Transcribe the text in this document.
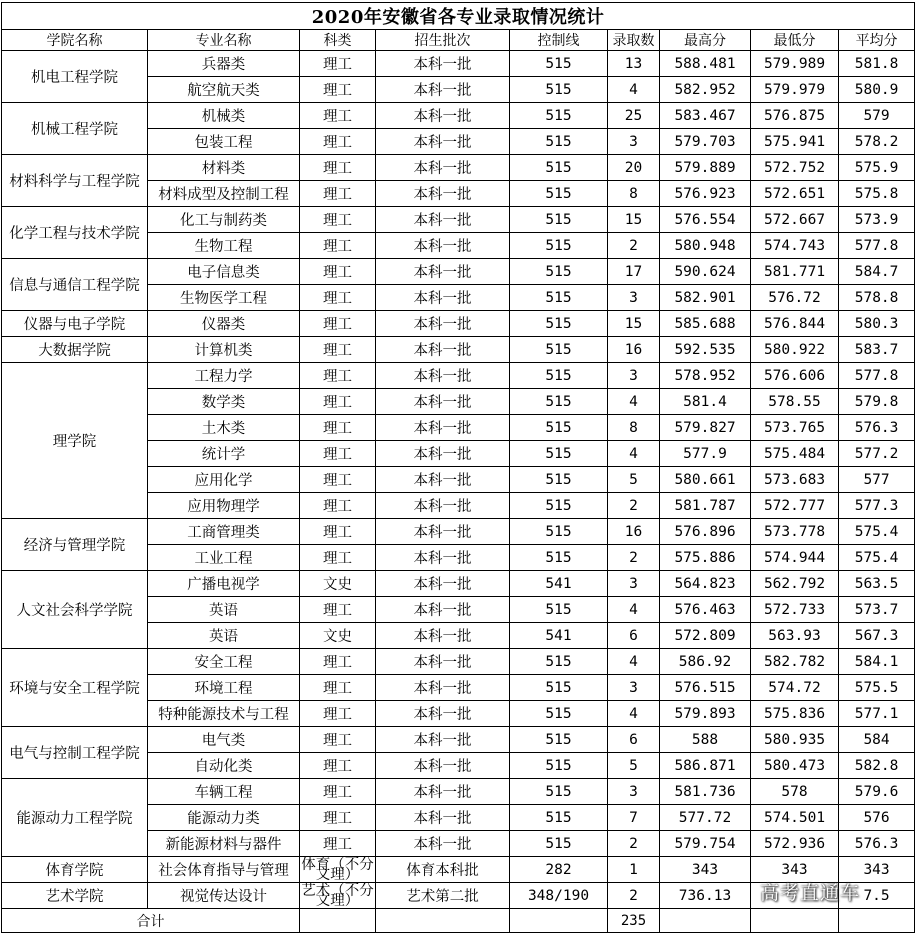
2020年安徽省各专业录取情况统计								
学院名称	专业名称	科类	招生批次	控制线	录取数	最高分	最低分	平均分
机电工程学院	兵器类	理工	本科一批	515	13	588.481	579.989	581.8
	航空航天类	理工	本科一批	515	4	582.952	579.979	580.9
机械工程学院	机械类	理工	本科一批	515	25	583.467	576.875	579
	包装工程	理工	本科一批	515	3	579.703	575.941	578.2
材料科学与工程学院	材料类	理工	本科一批	515	20	579.889	572.752	575.9
	材料成型及控制工程	理工	本科一批	515	8	576.923	572.651	575.8
化学工程与技术学院	化工与制药类	理工	本科一批	515	15	576.554	572.667	573.9
	生物工程	理工	本科一批	515	2	580.948	574.743	577.8
信息与通信工程学院	电子信息类	理工	本科一批	515	17	590.624	581.771	584.7
	生物医学工程	理工	本科一批	515	3	582.901	576.72	578.8
仪器与电子学院	仪器类	理工	本科一批	515	15	585.688	576.844	580.3
大数据学院	计算机类	理工	本科一批	515	16	592.535	580.922	583.7
理学院	工程力学	理工	本科一批	515	3	578.952	576.606	577.8
	数学类	理工	本科一批	515	4	581.4	578.55	579.8
	土木类	理工	本科一批	515	8	579.827	573.765	576.3
	统计学	理工	本科一批	515	4	577.9	575.484	577.2
	应用化学	理工	本科一批	515	5	580.661	573.683	577
	应用物理学	理工	本科一批	515	2	581.787	572.777	577.3
经济与管理学院	工商管理类	理工	本科一批	515	16	576.896	573.778	575.4
	工业工程	理工	本科一批	515	2	575.886	574.944	575.4
人文社会科学学院	广播电视学	文史	本科一批	541	3	564.823	562.792	563.5
	英语	理工	本科一批	515	4	576.463	572.733	573.7
	英语	文史	本科一批	541	6	572.809	563.93	567.3
环境与安全工程学院	安全工程	理工	本科一批	515	4	586.92	582.782	584.1
	环境工程	理工	本科一批	515	3	576.515	574.72	575.5
	特种能源技术与工程	理工	本科一批	515	4	579.893	575.836	577.1
电气与控制工程学院	电气类	理工	本科一批	515	6	588	580.935	584
	自动化类	理工	本科一批	515	5	586.871	580.473	582.8
能源动力工程学院	车辆工程	理工	本科一批	515	3	581.736	578	579.6
	能源动力类	理工	本科一批	515	7	577.72	574.501	576
	新能源材料与器件	理工	本科一批	515	2	579.754	572.936	576.3
体育学院	社会体育指导与管理	体育（不分文理）	体育本科批	282	1	343	343	343
艺术学院	视觉传达设计	艺术（不分文理）	艺术第二批	348/190	2	736.13		7.5
合计					235			
高考直通车
